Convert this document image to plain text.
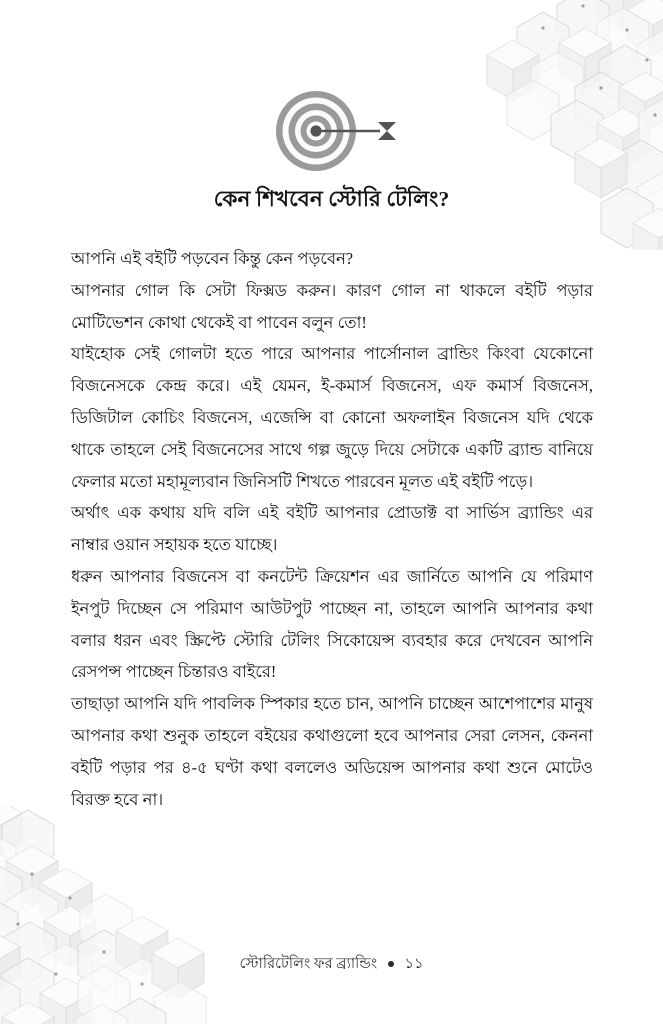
কেন শিখবেন স্টোরি টেলিং?

আপনি এই বইটি পড়বেন কিন্তু কেন পড়বেন?

আপনার গোল কি সেটা ফিক্সড করুন। কারণ গোল না থাকলে বইটি পড়ার মোটিভেশন কোথা থেকেই বা পাবেন বলুন তো!

যাইহোক সেই গোলটা হতে পারে আপনার পার্সোনাল ব্রান্ডিং কিংবা যেকোনো বিজনেসকে কেন্দ্র করে। এই যেমন, ই-কমার্স বিজনেস, এফ কমার্স বিজনেস, ডিজিটাল কোচিং বিজনেস, এজেন্সি বা কোনো অফলাইন বিজনেস যদি থেকে থাকে তাহলে সেই বিজনেসের সাথে গল্প জুড়ে দিয়ে সেটাকে একটি ব্র্যান্ড বানিয়ে ফেলার মতো মহামূল্যবান জিনিসটি শিখতে পারবেন মূলত এই বইটি পড়ে।

অর্থাৎ এক কথায় যদি বলি এই বইটি আপনার প্রোডাক্ট বা সার্ভিস ব্র্যান্ডিং এর নাম্বার ওয়ান সহায়ক হতে যাচ্ছে।

ধরুন আপনার বিজনেস বা কনটেন্ট ক্রিয়েশন এর জার্নিতে আপনি যে পরিমাণ ইনপুট দিচ্ছেন সে পরিমাণ আউটপুট পাচ্ছেন না, তাহলে আপনি আপনার কথা বলার ধরন এবং স্ক্রিপ্টে স্টোরি টেলিং সিকোয়েন্স ব্যবহার করে দেখবেন আপনি রেসপন্স পাচ্ছেন চিন্তারও বাইরে!

তাছাড়া আপনি যদি পাবলিক স্পিকার হতে চান, আপনি চাচ্ছেন আশেপাশের মানুষ আপনার কথা শুনুক তাহলে বইয়ের কথাগুলো হবে আপনার সেরা লেসন, কেননা বইটি পড়ার পর ৪-৫ ঘণ্টা কথা বললেও অডিয়েন্স আপনার কথা শুনে মোটেও বিরক্ত হবে না।

স্টোরিটেলিং ফর ব্র্যান্ডিং ১১
